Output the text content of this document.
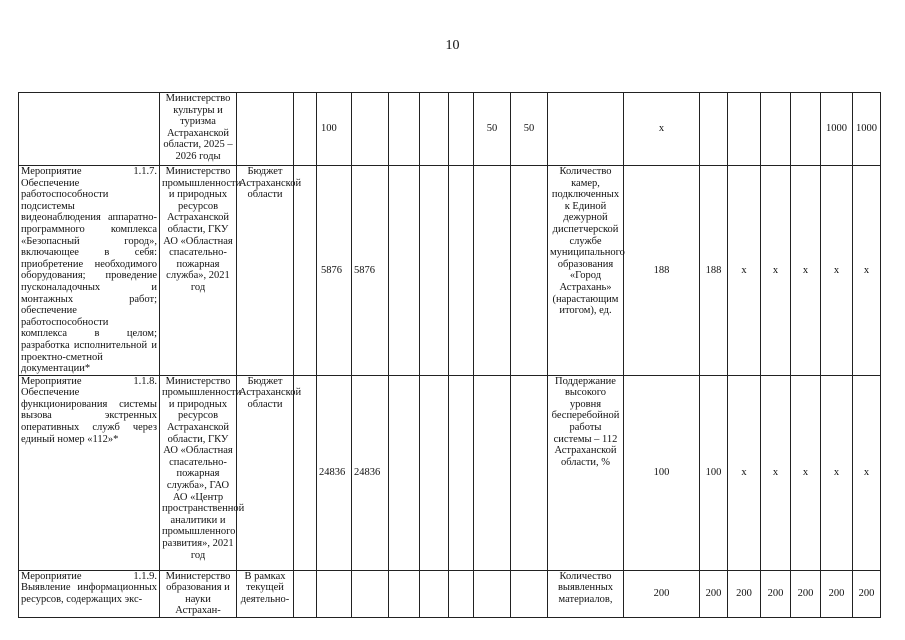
10
	Министерство культуры и туризма Астраханской области, 2025 – 2026 годы			100					50	50		х					1000	1000
Мероприятие 1.1.7. Обеспечение работоспособности подсистемы видеонаблюдения аппаратно-программного комплекса «Безопасный город», включающее в себя: приобретение необходимого оборудования; проведение пусконаладочных и монтажных работ; обеспечение работоспособности комплекса в целом; разработка исполнительной и проектно-сметной документации*	Министерство промышленности и природных ресурсов Астраханской области, ГКУ АО «Областная спасательно-пожарная служба», 2021 год	Бюджет Астраханской области		5876	5876						Количество камер, подключенных к Единой дежурной диспетчерской службе муниципального образования «Город Астрахань» (нарастающим итогом), ед.	188	188	х	х	х	х	х
Мероприятие 1.1.8. Обеспечение функционирования системы вызова экстренных оперативных служб через единый номер «112»*	Министерство промышленности и природных ресурсов Астраханской области, ГКУ АО «Областная спасательно-пожарная служба», ГАО АО «Центр пространственной аналитики и промышленного развития», 2021 год	Бюджет Астраханской области		24836	24836						Поддержание высокого уровня бесперебойной работы системы – 112 Астраханской области, %	100	100	х	х	х	х	х
Мероприятие 1.1.9. Выявление информационных ресурсов, содержащих экс-	Министерство образования и науки Астрахан-	В рамках текущей деятельно-									Количество выявленных материалов,	200	200	200	200	200	200	200
